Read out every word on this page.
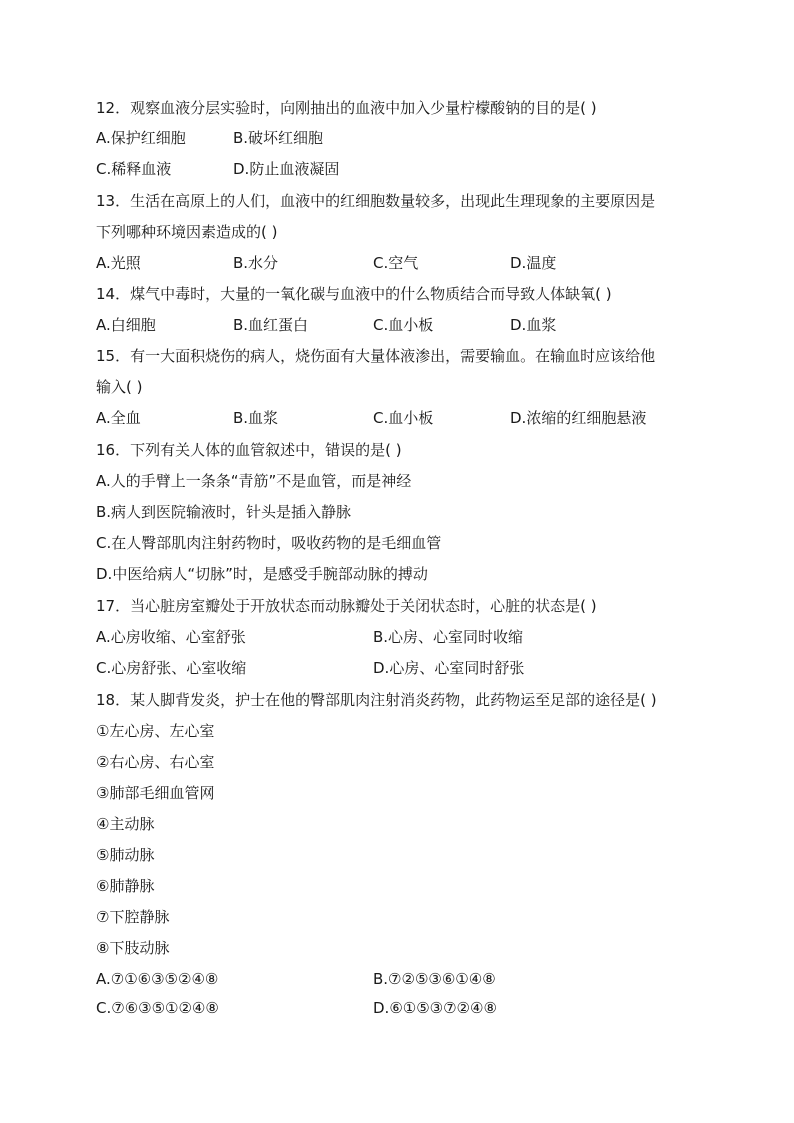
12．观察血液分层实验时，向刚抽出的血液中加入少量柠檬酸钠的目的是( )
A.保护红细胞	B.破坏红细胞
C.稀释血液	D.防止血液凝固
13．生活在高原上的人们，血液中的红细胞数量较多，出现此生理现象的主要原因是
下列哪种环境因素造成的( )
A.光照	B.水分	C.空气	D.温度
14．煤气中毒时，大量的一氧化碳与血液中的什么物质结合而导致人体缺氧( )
A.白细胞	B.血红蛋白	C.血小板	D.血浆
15．有一大面积烧伤的病人，烧伤面有大量体液渗出，需要输血。在输血时应该给他
输入( )
A.全血	B.血浆	C.血小板	D.浓缩的红细胞悬液
16．下列有关人体的血管叙述中，错误的是( )
A.人的手臂上一条条“青筋”不是血管，而是神经
B.病人到医院输液时，针头是插入静脉
C.在人臀部肌肉注射药物时，吸收药物的是毛细血管
D.中医给病人“切脉”时，是感受手腕部动脉的搏动
17．当心脏房室瓣处于开放状态而动脉瓣处于关闭状态时，心脏的状态是( )
A.心房收缩、心室舒张	B.心房、心室同时收缩
C.心房舒张、心室收缩	D.心房、心室同时舒张
18．某人脚背发炎，护士在他的臀部肌肉注射消炎药物，此药物运至足部的途径是( )
①左心房、左心室
②右心房、右心室
③肺部毛细血管网
④主动脉
⑤肺动脉
⑥肺静脉
⑦下腔静脉
⑧下肢动脉
A.⑦①⑥③⑤②④⑧	B.⑦②⑤③⑥①④⑧
C.⑦⑥③⑤①②④⑧	D.⑥①⑤③⑦②④⑧
